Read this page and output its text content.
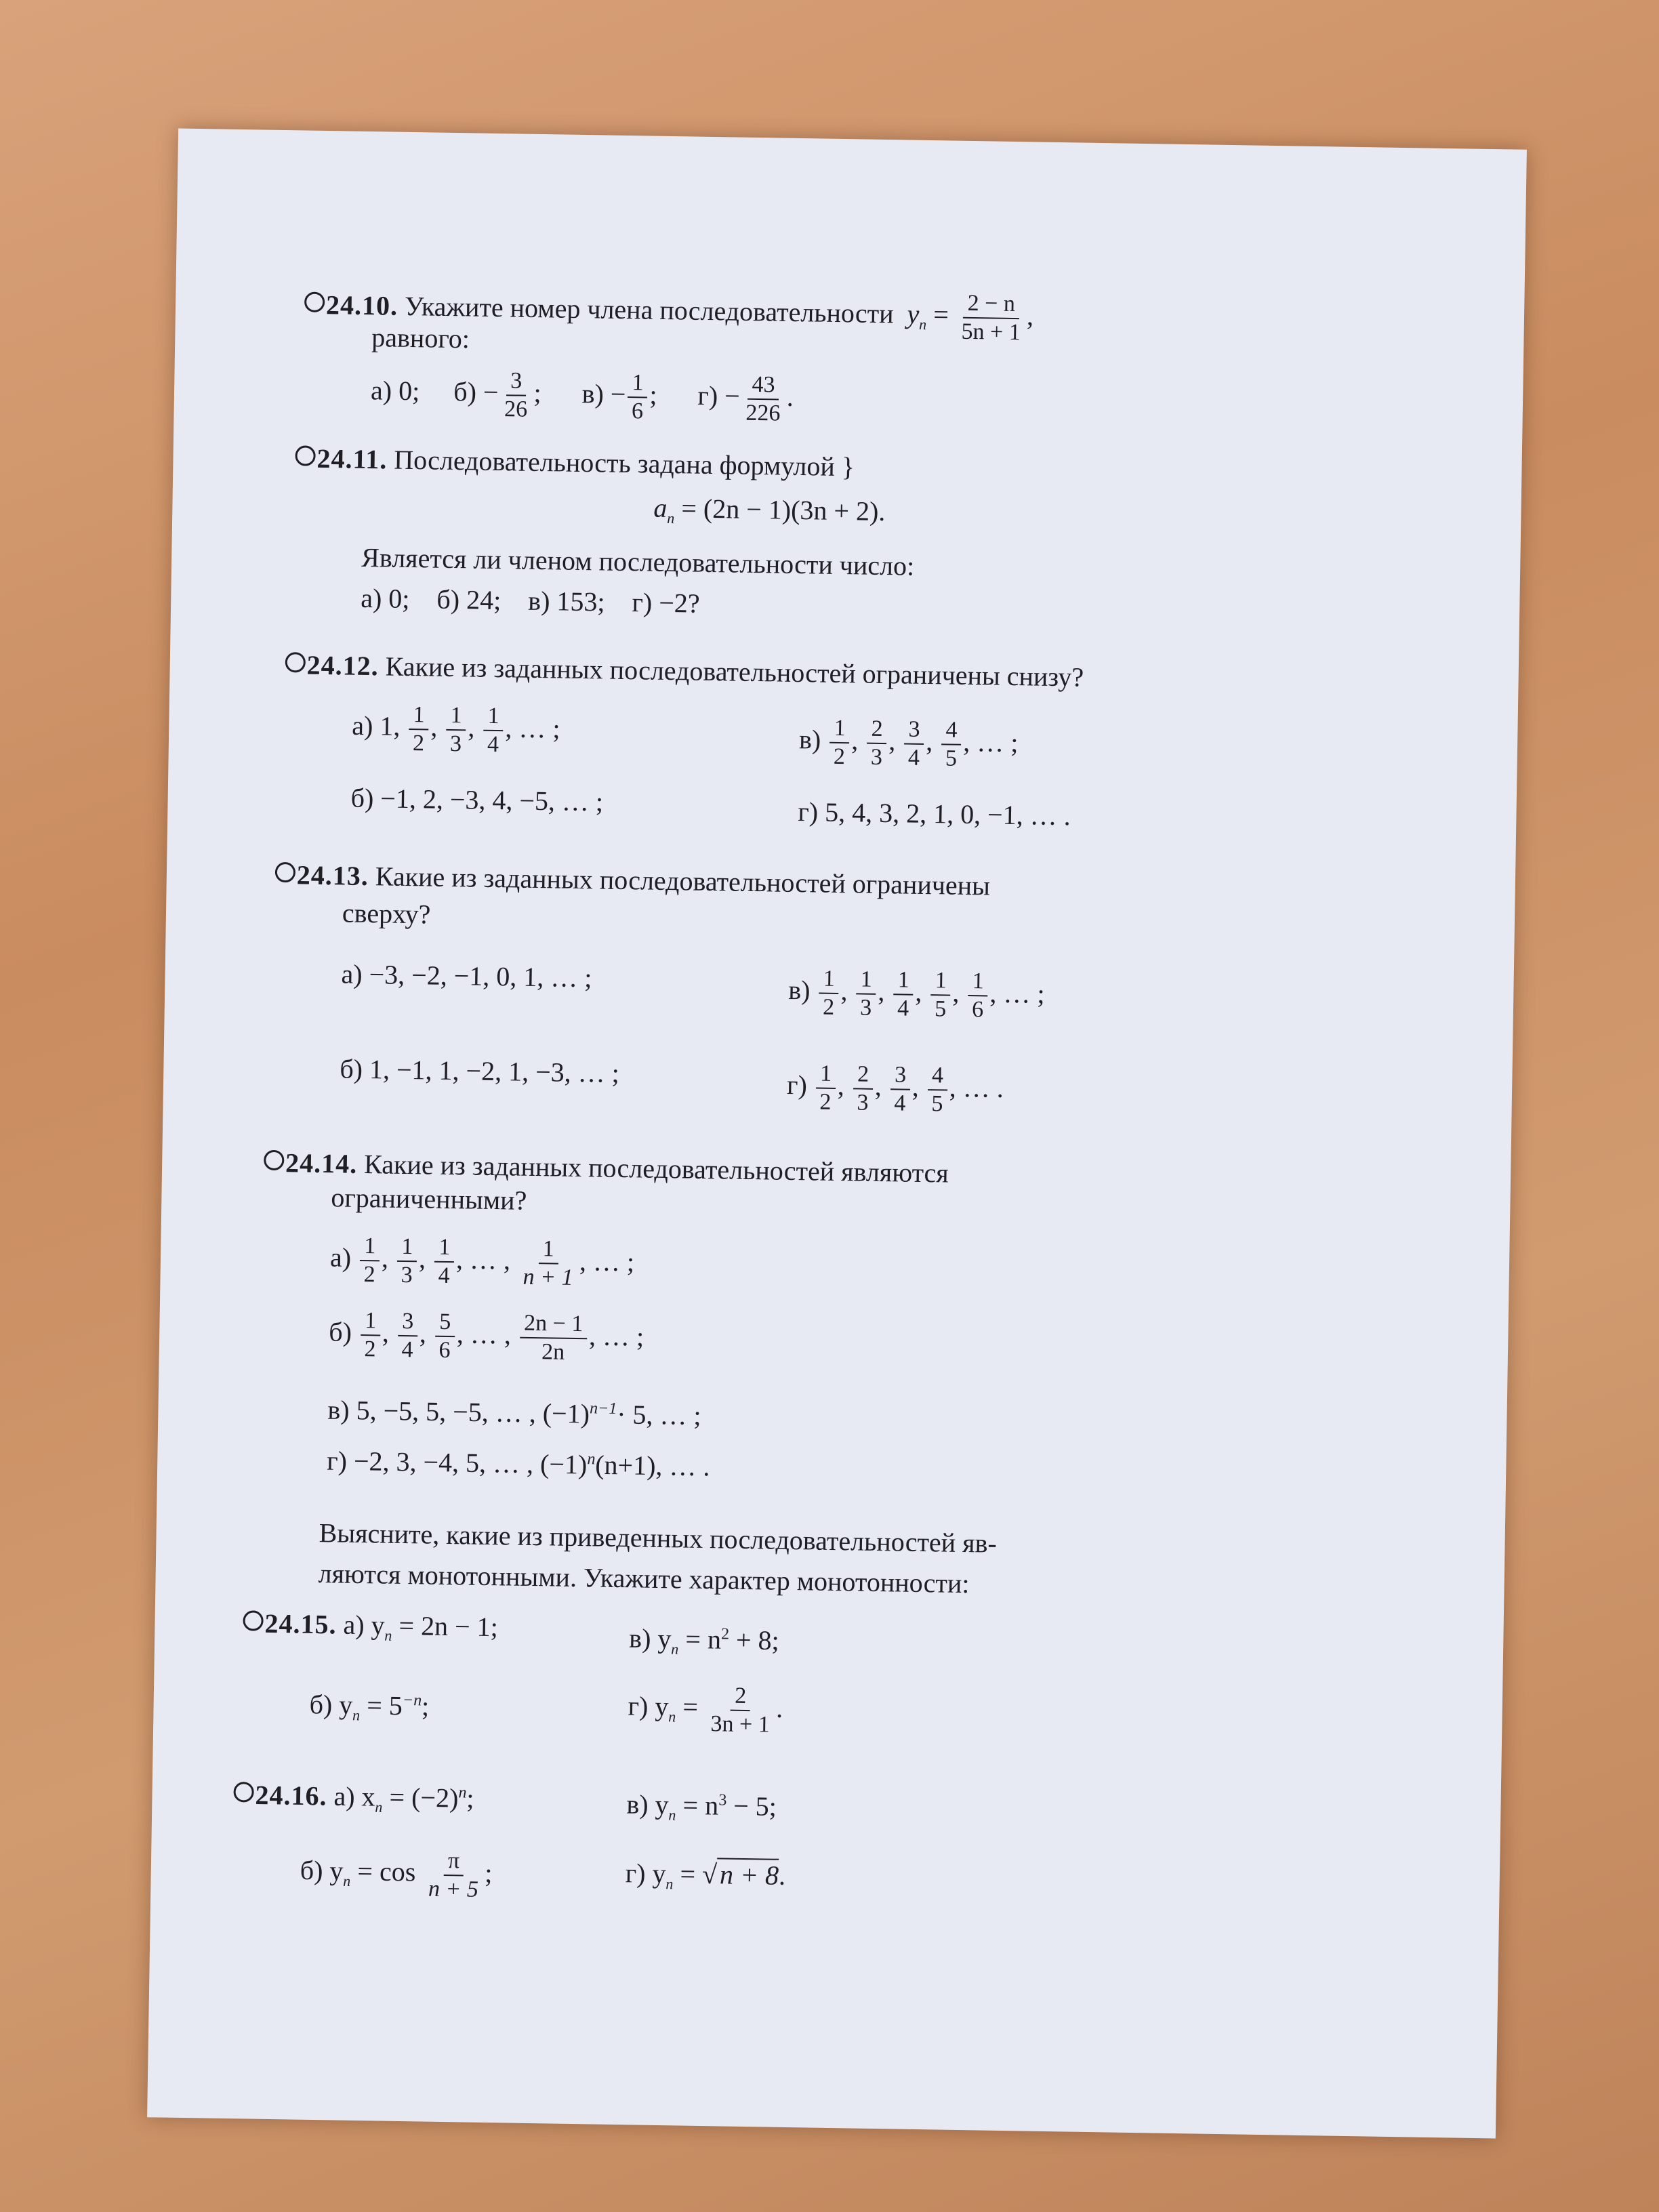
24.10. Укажите номер члена последовательности $y_n = \frac{2 - n}{5n + 1}$ ,
равного:
а) 0; $б) - \frac{3}{26}$ ; $в) - \frac{1}{6}$ ; $г) - \frac{43}{226}$ .
24.11. Последовательность задана формулой }
$a_n = (2n - 1)(3n + 2)$.
Является ли членом последовательности число:
а) 0;    б) 24;    в) 153;    г) −2?
24.12. Какие из заданных последовательностей ограничены снизу?
а) 1, $\frac{1}{2}$ , $\frac{1}{3}$ , $\frac{1}{4}$ , … ;	$в) \frac{1}{2}$ , $\frac{2}{3}$ , $\frac{3}{4}$ , $\frac{4}{5}$ , … ;
б) −1, 2, −3, 4, −5, … ;	г) 5, 4, 3, 2, 1, 0, −1, … .
24.13. Какие из заданных последовательностей ограничены
сверху?
а) −3, −2, −1, 0, 1, … ;	$в) \frac{1}{2}$ , $\frac{1}{3}$ , $\frac{1}{4}$ , $\frac{1}{5}$ , $\frac{1}{6}$ , … ;
б) 1, −1, 1, −2, 1, −3, … ;	$г) \frac{1}{2}$ , $\frac{2}{3}$ , $\frac{3}{4}$ , $\frac{4}{5}$ , … .
24.14. Какие из заданных последовательностей являются
ограниченными?
$а) \frac{1}{2}$ , $\frac{1}{3}$ , $\frac{1}{4}$ , … , $\frac{1}{n + 1}$ , … ;
$б) \frac{1}{2}$ , $\frac{3}{4}$ , $\frac{5}{6}$ , … , $\frac{2n - 1}{2n}$ , … ;
в) 5, −5, 5, −5, … , $(-1)^{n-1}\cdot 5$, … ;
г) −2, 3, −4, 5, … , $(-1)^n(n+1)$, … .
Выясните, какие из приведенных последовательностей яв-
ляются монотонными. Укажите характер монотонности:
24.15. а) $y_n = 2n - 1$;	в) $y_n = n^2 + 8$;
б) $y_n = 5^{-n}$;	г) $y_n = \frac{2}{3n + 1}$ .
24.16. а) $x_n = (-2)^n$;	в) $y_n = n^3 - 5$;
б) $y_n = \cos \frac{\pi}{n + 5}$ ;	г) $y_n = √n + 8$.
